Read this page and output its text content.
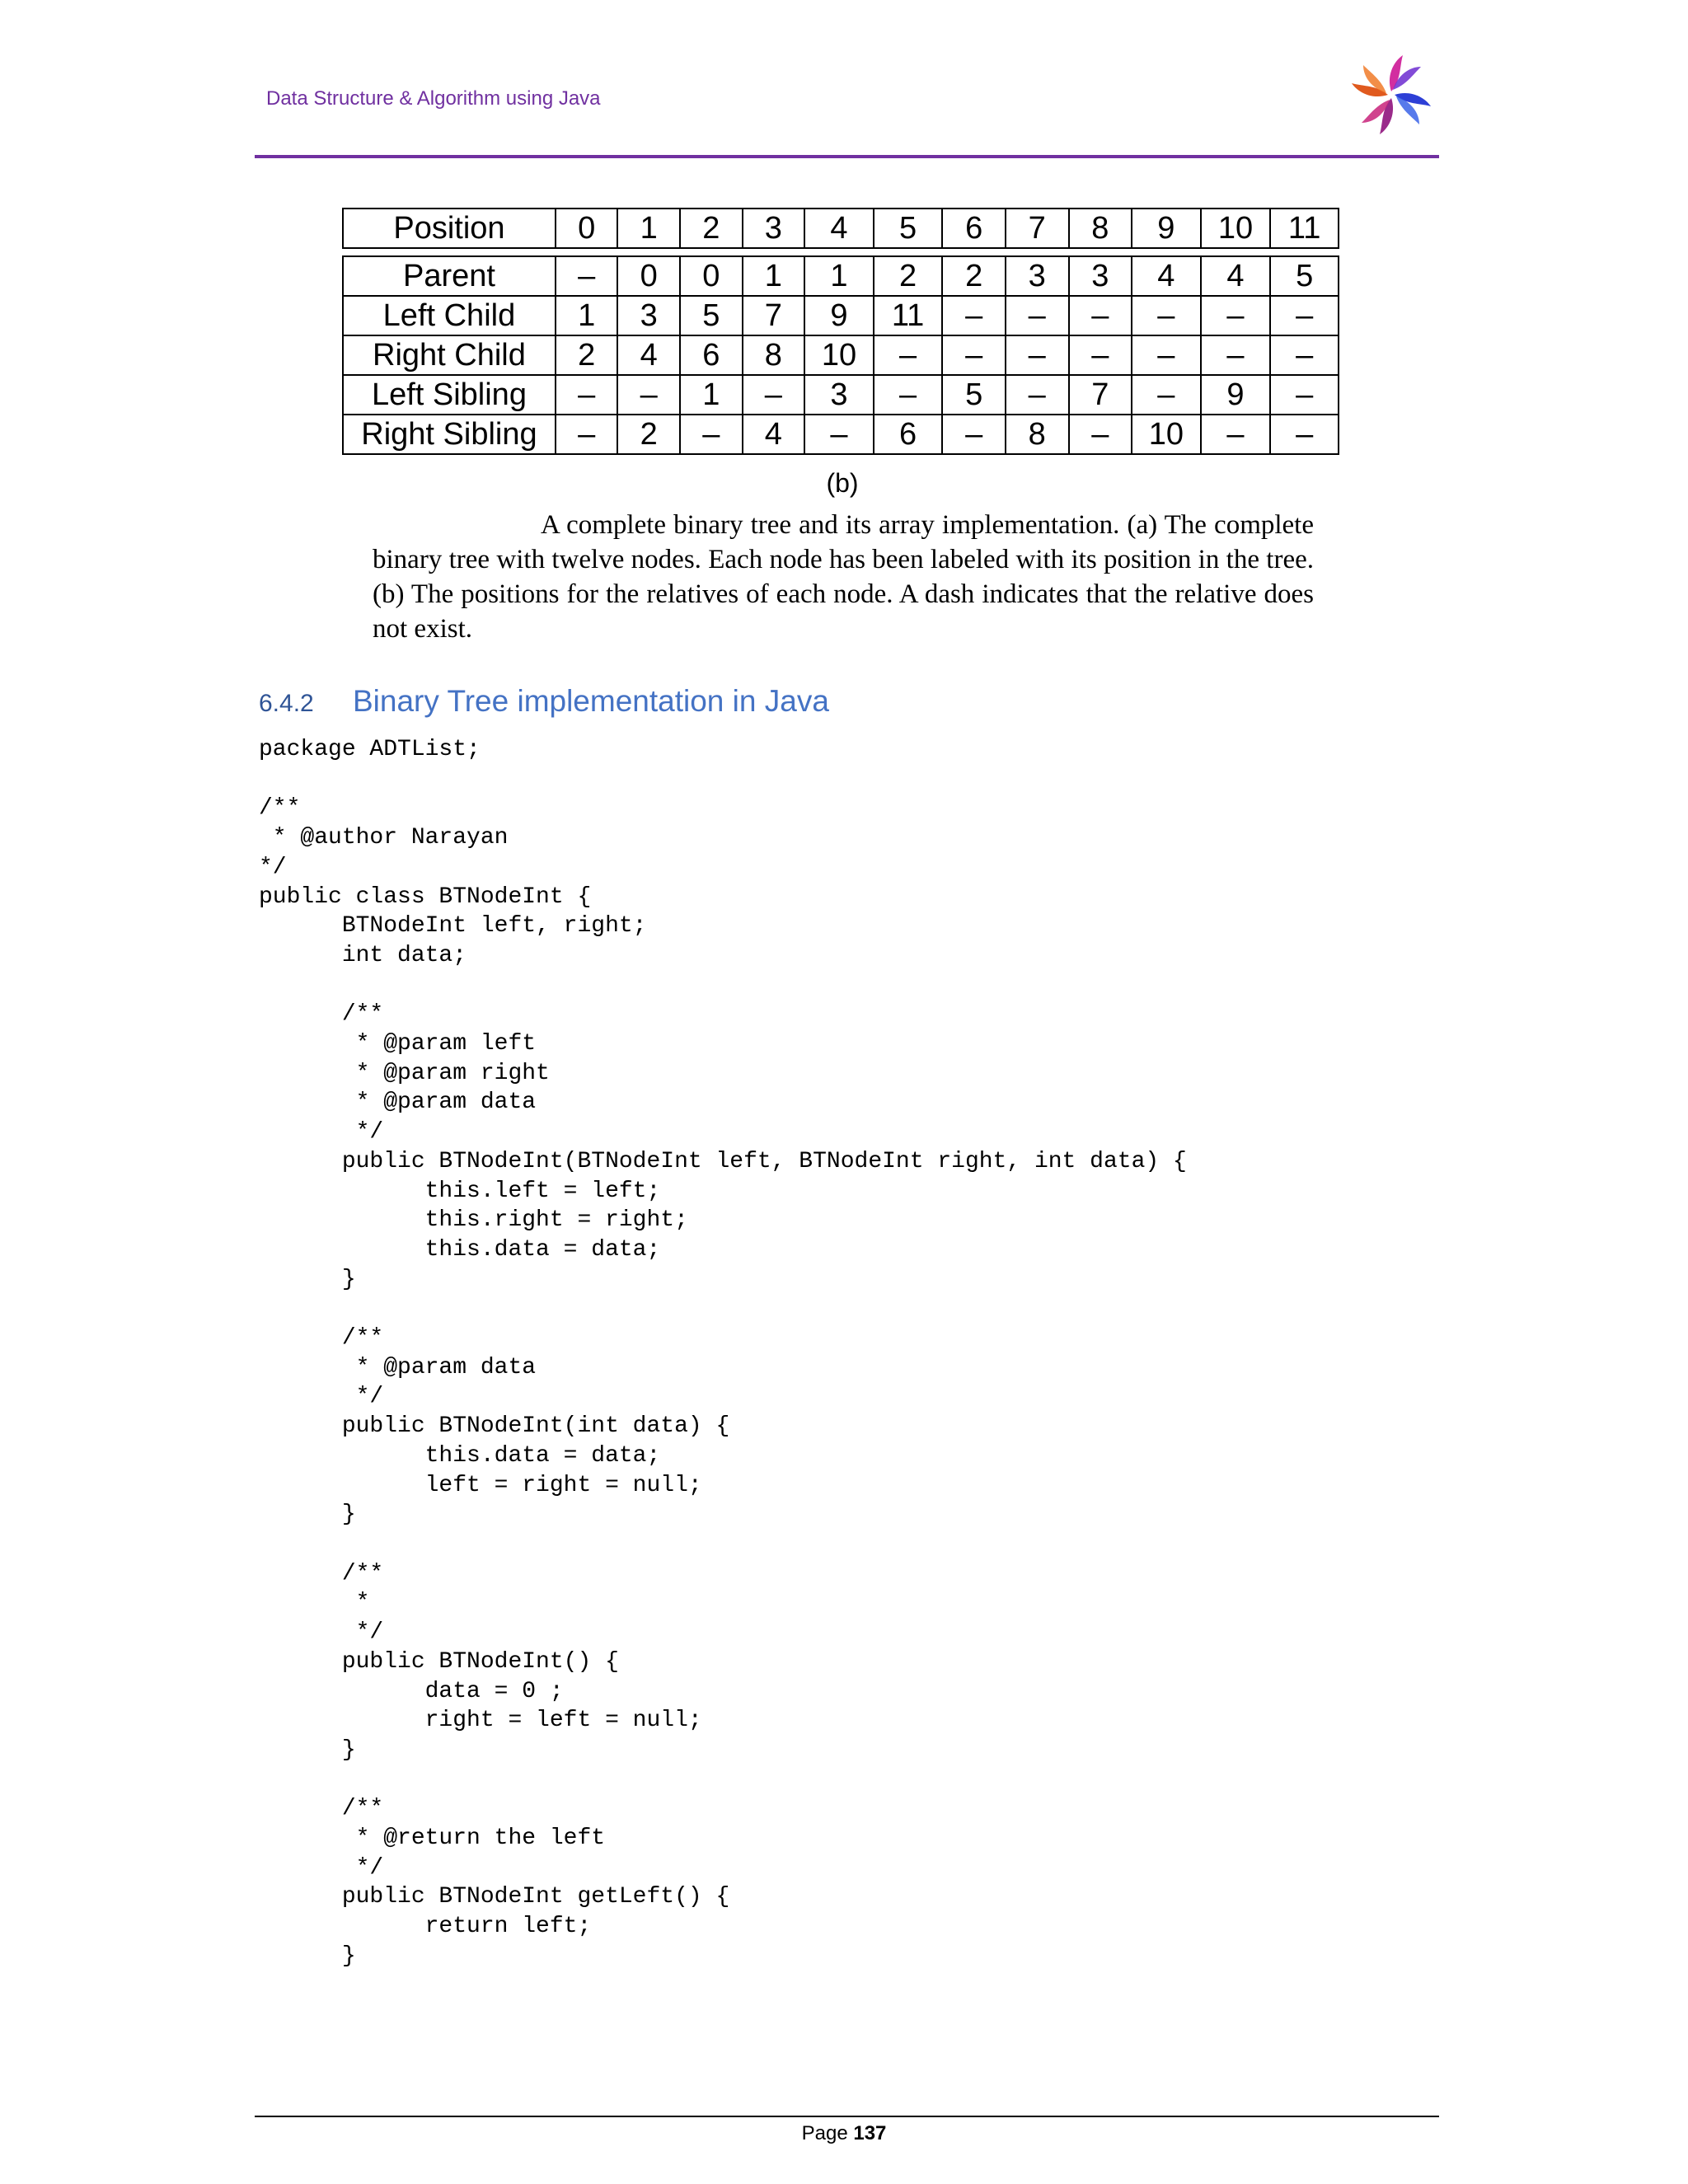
Data Structure & Algorithm using Java
Position	0	1	2	3	4	5	6	7	8	9	10	11

Parent	–	0	0	1	1	2	2	3	3	4	4	5
Left Child	1	3	5	7	9	11	–	–	–	–	–	–
Right Child	2	4	6	8	10	–	–	–	–	–	–	–
Left Sibling	–	–	1	–	3	–	5	–	7	–	9	–
Right Sibling	–	2	–	4	–	6	–	8	–	10	–	–
(b)
A complete binary tree and its array implementation. (a) The complete binary tree with twelve nodes. Each node has been labeled with its position in the tree. (b) The positions for the relatives of each node. A dash indicates that the relative does not exist.
6.4.2 Binary Tree implementation in Java
package ADTList;

/**
* @author Narayan
*/
public class BTNodeInt {
BTNodeInt left, right;
int data;

/**
* @param left
* @param right
* @param data
*/
public BTNodeInt(BTNodeInt left, BTNodeInt right, int data) {
this.left = left;
this.right = right;
this.data = data;
}

/**
* @param data
*/
public BTNodeInt(int data) {
this.data = data;
left = right = null;
}

/**
*
*/
public BTNodeInt() {
data = 0 ;
right = left = null;
}

/**
* @return the left
*/
public BTNodeInt getLeft() {
return left;
}
Page 137
